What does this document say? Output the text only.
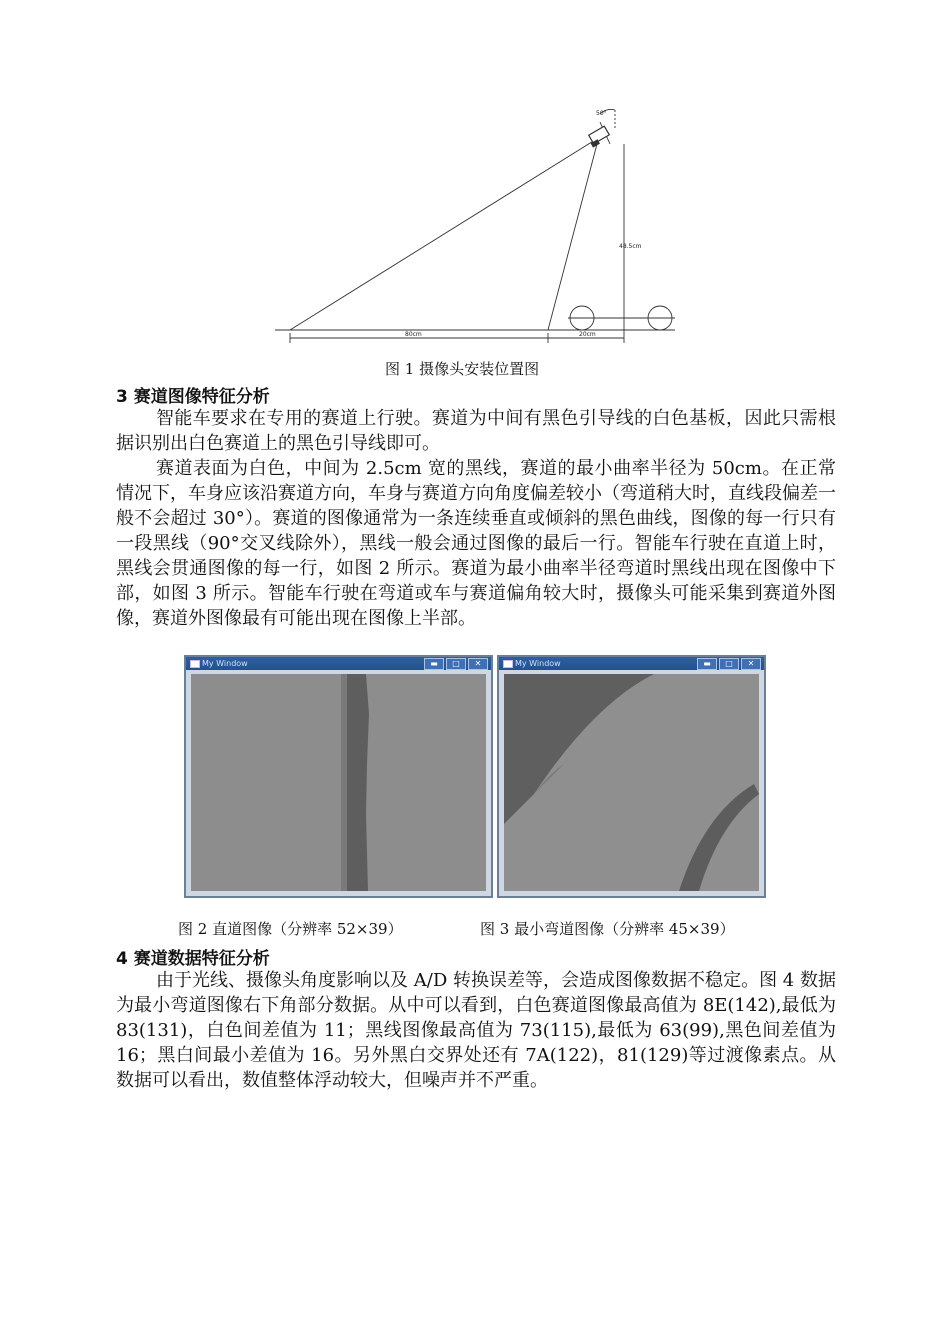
50°
48.5cm
80cm	20cm
图 1 摄像头安装位置图
3 赛道图像特征分析

智能车要求在专用的赛道上行驶。赛道为中间有黑色引导线的白色基板，因此只需根据识别出白色赛道上的黑色引导线即可。

赛道表面为白色，中间为 2.5cm 宽的黑线，赛道的最小曲率半径为 50cm。在正常情况下，车身应该沿赛道方向，车身与赛道方向角度偏差较小（弯道稍大时，直线段偏差一般不会超过 30°）。赛道的图像通常为一条连续垂直或倾斜的黑色曲线，图像的每一行只有一段黑线（90°交叉线除外），黑线一般会通过图像的最后一行。智能车行驶在直道上时，黑线会贯通图像的每一行，如图 2 所示。赛道为最小曲率半径弯道时黑线出现在图像中下部，如图 3 所示。智能车行驶在弯道或车与赛道偏角较大时，摄像头可能采集到赛道外图像，赛道外图像最有可能出现在图像上半部。

My Window	▬	□	✕	My Window	▬	□	✕
图 2 直道图像（分辨率 52×39）	图 3 最小弯道图像（分辨率 45×39）
4 赛道数据特征分析

由于光线、摄像头角度影响以及 A/D 转换误差等，会造成图像数据不稳定。图 4 数据为最小弯道图像右下角部分数据。从中可以看到，白色赛道图像最高值为 8E(142),最低为 83(131)，白色间差值为 11；黑线图像最高值为 73(115),最低为 63(99),黑色间差值为 16；黑白间最小差值为 16。另外黑白交界处还有 7A(122)，81(129)等过渡像素点。从数据可以看出，数值整体浮动较大，但噪声并不严重。
